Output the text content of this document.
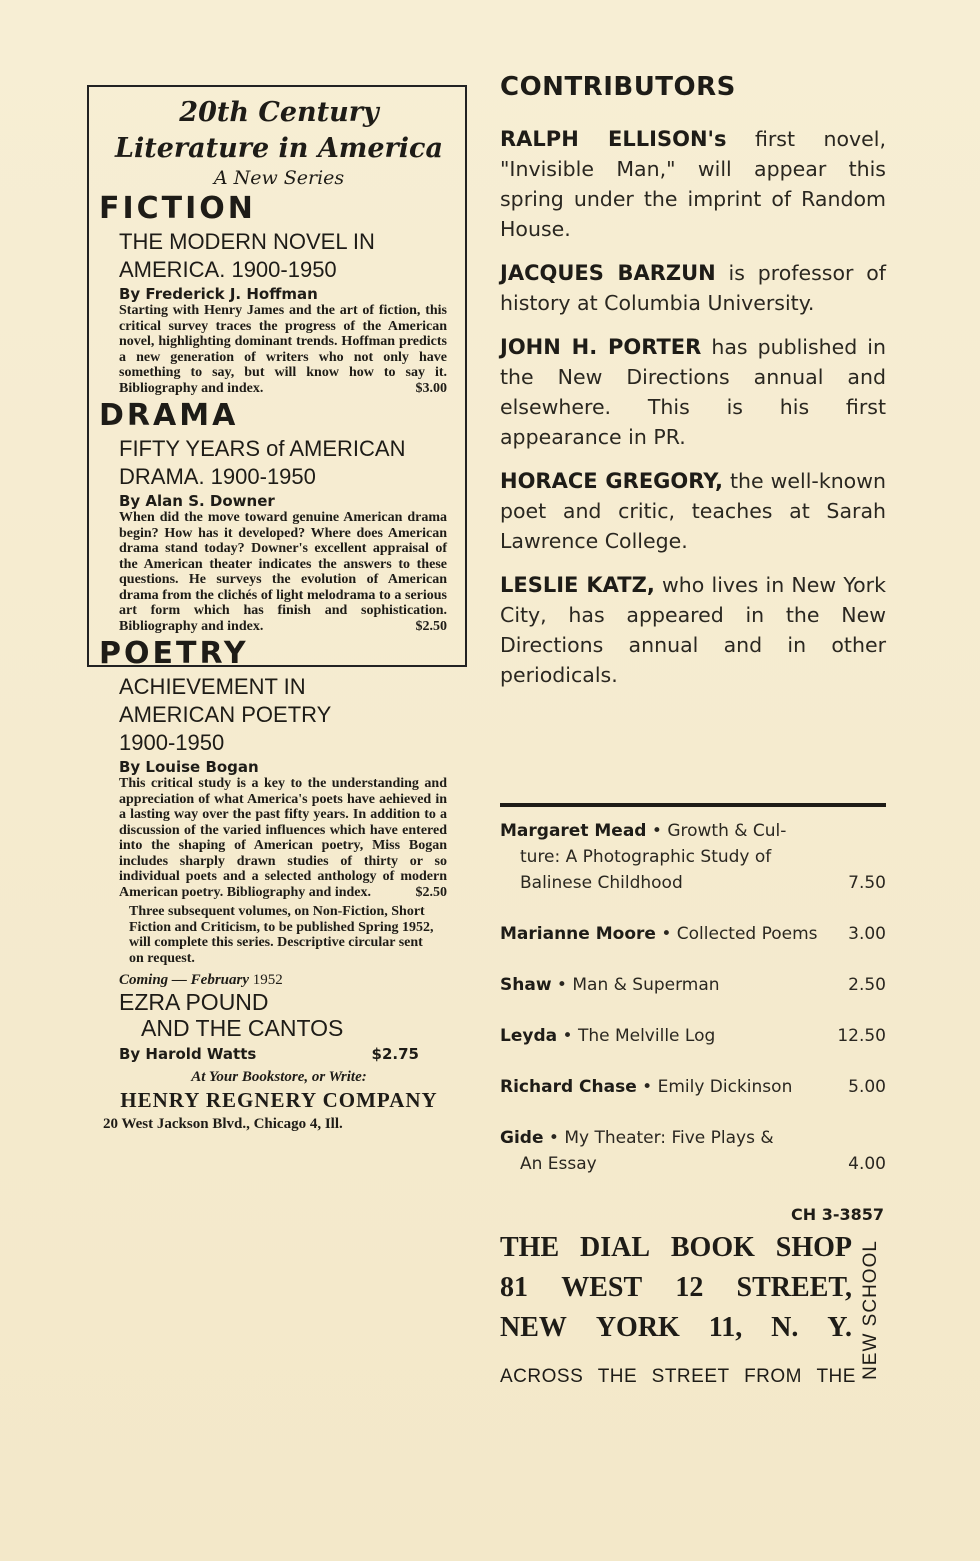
20th Century

Literature in America

A New Series

FICTION
THE MODERN NOVEL IN
AMERICA. 1900-1950
By Frederick J. Hoffman
Starting with Henry James and the art of fiction, this critical survey traces the progress of the American novel, highlighting dominant trends. Hoffman predicts a new generation of writers who not only have something to say, but will know how to say it. Bibliography and index.	$3.00
DRAMA
FIFTY YEARS of AMERICAN
DRAMA. 1900-1950
By Alan S. Downer
When did the move toward genuine American drama begin? How has it developed? Where does American drama stand today? Downer's excellent appraisal of the American theater indicates the answers to these questions. He surveys the evolution of American drama from the clichés of light melodrama to a serious art form which has finish and sophistication. Bibliography and index.	$2.50
POETRY
ACHIEVEMENT IN
AMERICAN POETRY
1900-1950
By Louise Bogan
This critical study is a key to the understanding and appreciation of what America's poets have aehieved in a lasting way over the past fifty years. In addition to a discussion of the varied influences which have entered into the shaping of American poetry, Miss Bogan includes sharply drawn studies of thirty or so individual poets and a selected anthology of modern American poetry. Bibliography and index.	$2.50
Three subsequent volumes, on Non-Fiction, Short Fiction and Criticism, to be published Spring 1952, will complete this series. Descriptive circular sent on request.
Coming — February 1952
EZRA POUND
AND THE CANTOS
By Harold Watts	$2.75

At Your Bookstore, or Write:

HENRY REGNERY COMPANY

20 West Jackson Blvd., Chicago 4, Ill.

CONTRIBUTORS

RALPH ELLISON's first novel, "Invisible Man," will appear this spring under the imprint of Random House.

JACQUES BARZUN is professor of history at Columbia University.

JOHN H. PORTER has published in the New Directions annual and elsewhere. This is his first appearance in PR.

HORACE GREGORY, the well-known poet and critic, teaches at Sarah Lawrence College.

LESLIE KATZ, who lives in New York City, has appeared in the New Directions annual and in other periodicals.

Margaret Mead • Growth & Cul-
ture: A Photographic Study of
Balinese Childhood	7.50
Marianne Moore • Collected Poems 3.00
Shaw • Man & Superman	2.50
Leyda • The Melville Log	12.50
Richard Chase • Emily Dickinson	5.00
Gide • My Theater: Five Plays &
An Essay	4.00
CH 3-3857
THE DIAL BOOK SHOP
81 WEST 12 STREET,
NEW YORK 11, N. Y.
ACROSS THE STREET FROM THE NEW SCHOOL
